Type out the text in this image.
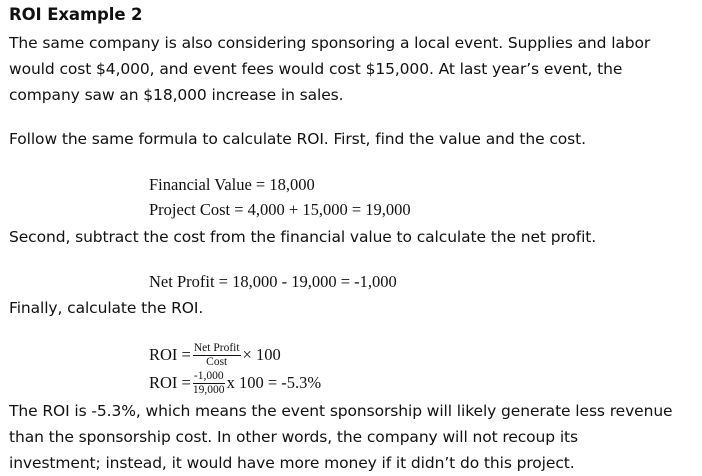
ROI Example 2
The same company is also considering sponsoring a local event. Supplies and labor
would cost $4,000, and event fees would cost $15,000. At last year’s event, the
company saw an $18,000 increase in sales.
Follow the same formula to calculate ROI. First, find the value and the cost.
Financial Value = 18,000
Project Cost = 4,000 + 15,000 = 19,000
Second, subtract the cost from the financial value to calculate the net profit.
Net Profit = 18,000 - 19,000 = -1,000
Finally, calculate the ROI.
ROI = $\frac{\text{Net Profit}}{\text{Cost}} \times 100$
ROI = $\frac{-1,000}{19,000}$ x 100 = -5.3%
The ROI is -5.3%, which means the event sponsorship will likely generate less revenue
than the sponsorship cost. In other words, the company will not recoup its
investment; instead, it would have more money if it didn’t do this project.
